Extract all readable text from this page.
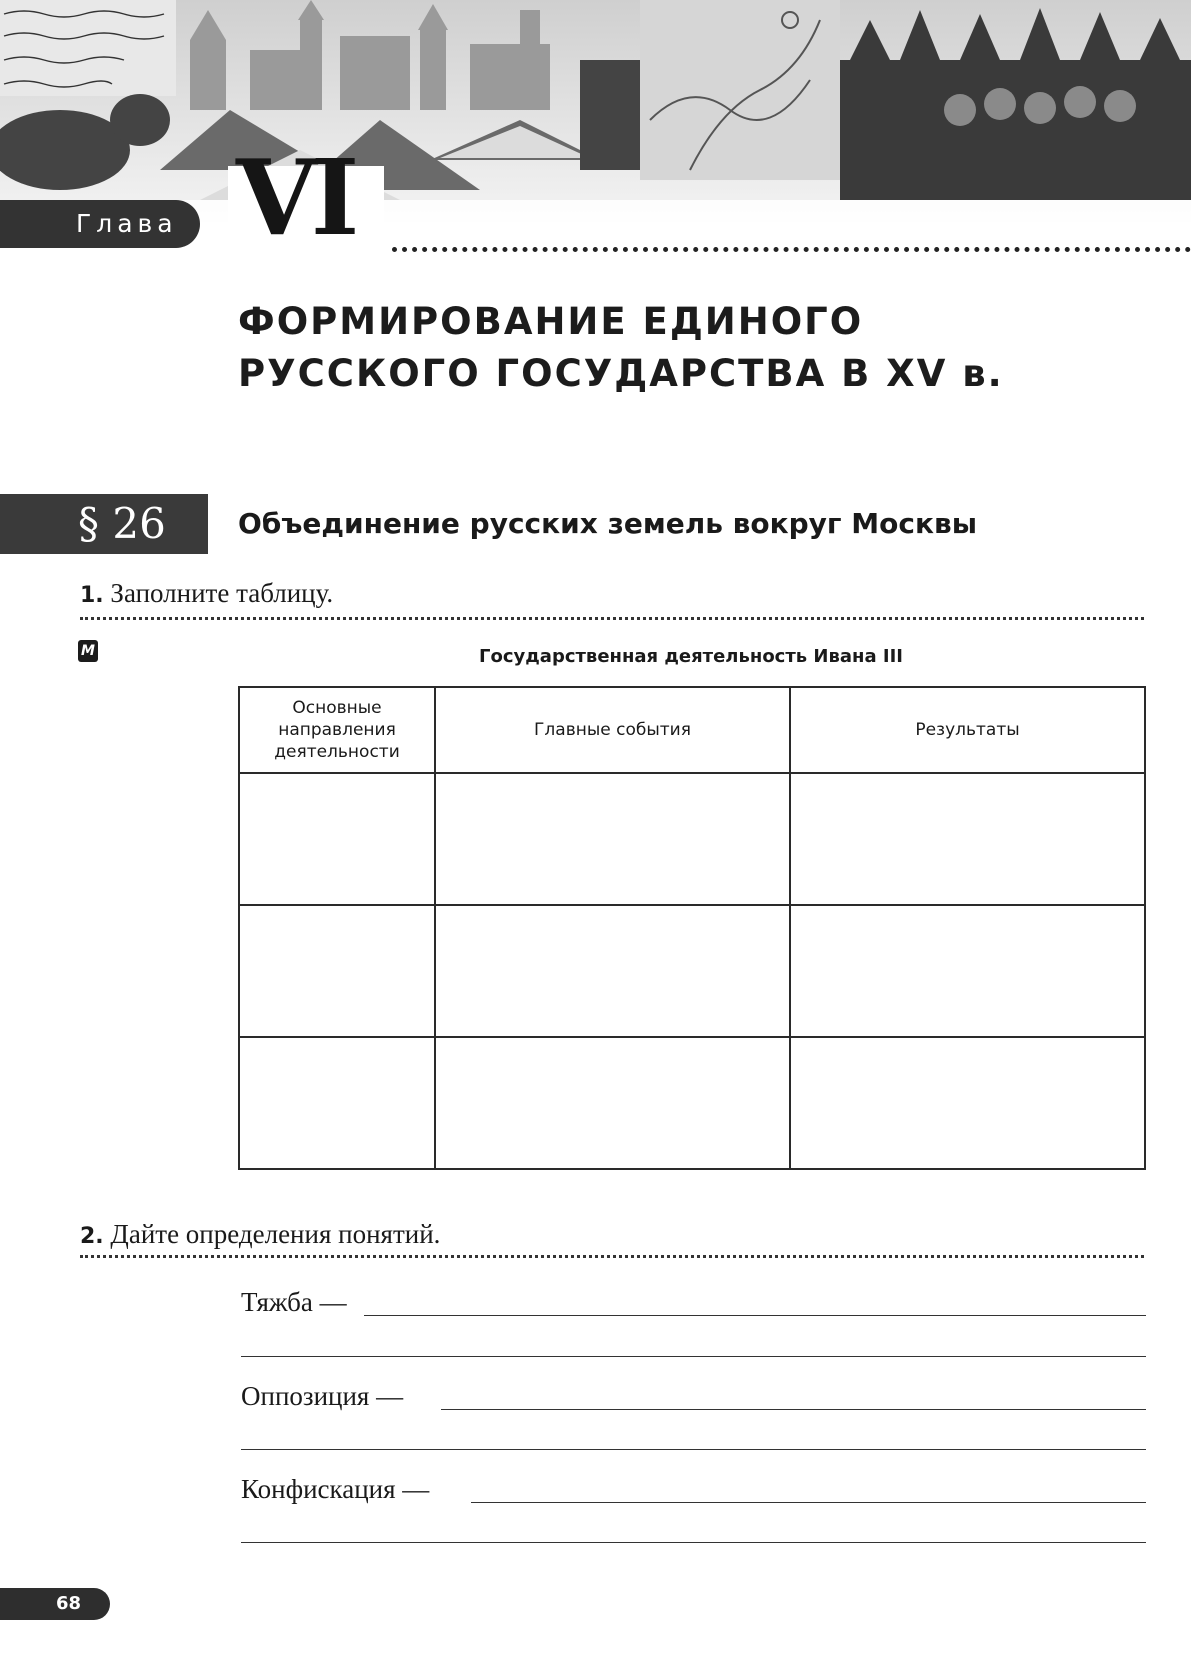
Глава VI
ФОРМИРОВАНИЕ ЕДИНОГО
РУССКОГО ГОСУДАРСТВА В XV в.
§ 26	Объединение русских земель вокруг Москвы
1. Заполните таблицу.
M	Государственная деятельность Ивана III
Основные направления деятельности	Главные события	Результаты

2. Дайте определения понятий.
Тяжба —
Оппозиция —
Конфискация —
68
